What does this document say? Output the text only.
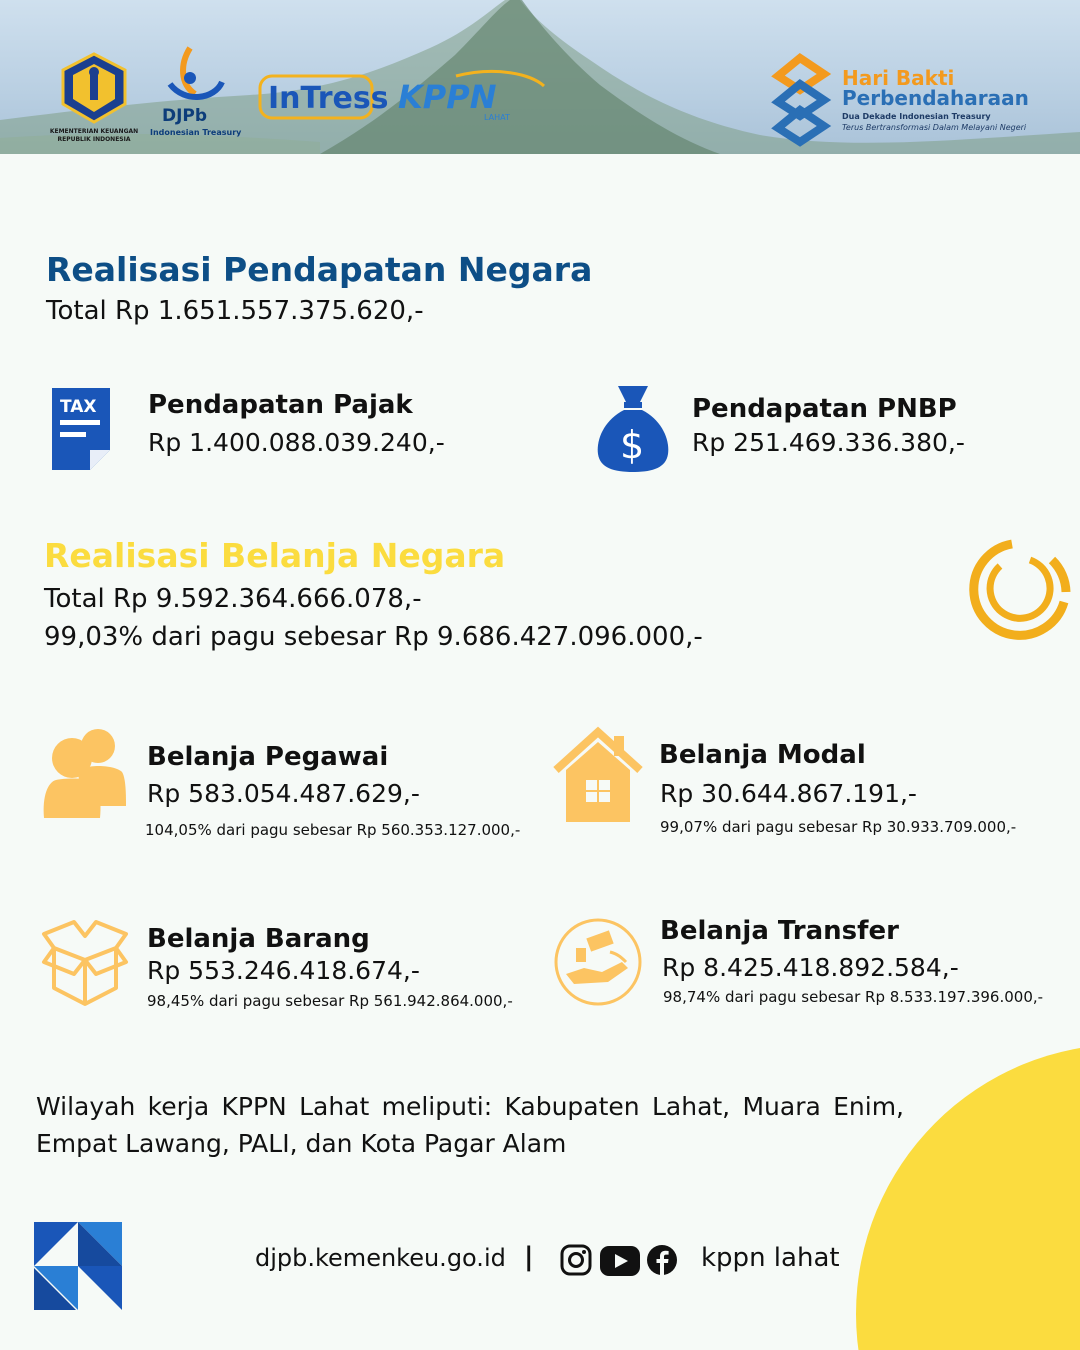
KEMENTERIAN KEUANGAN
REPUBLIK INDONESIA
DJPb
Indonesian Treasury
InTress KPPN
LAHAT
Hari Bakti
Perbendaharaan
Dua Dekade Indonesian Treasury
Terus Bertransformasi Dalam Melayani Negeri
Realisasi Pendapatan Negara
Total Rp 1.651.557.375.620,-
TAX Pendapatan Pajak
Rp 1.400.088.039.240,-	$
Pendapatan PNBP
Rp 251.469.336.380,-
Realisasi Belanja Negara
Total Rp 9.592.364.666.078,-
99,03% dari pagu sebesar Rp 9.686.427.096.000,-
Belanja Pegawai
Rp 583.054.487.629,-
104,05% dari pagu sebesar Rp 560.353.127.000,-
Belanja Modal
Rp 30.644.867.191,-
99,07% dari pagu sebesar Rp 30.933.709.000,-
Belanja Barang
Rp 553.246.418.674,-
98,45% dari pagu sebesar Rp 561.942.864.000,-
Belanja Transfer
Rp 8.425.418.892.584,-
98,74% dari pagu sebesar Rp 8.533.197.396.000,-
Wilayah kerja KPPN Lahat meliputi: Kabupaten Lahat, Muara Enim, Empat Lawang, PALI, dan Kota Pagar Alam
djpb.kemenkeu.go.id |	kppn lahat
